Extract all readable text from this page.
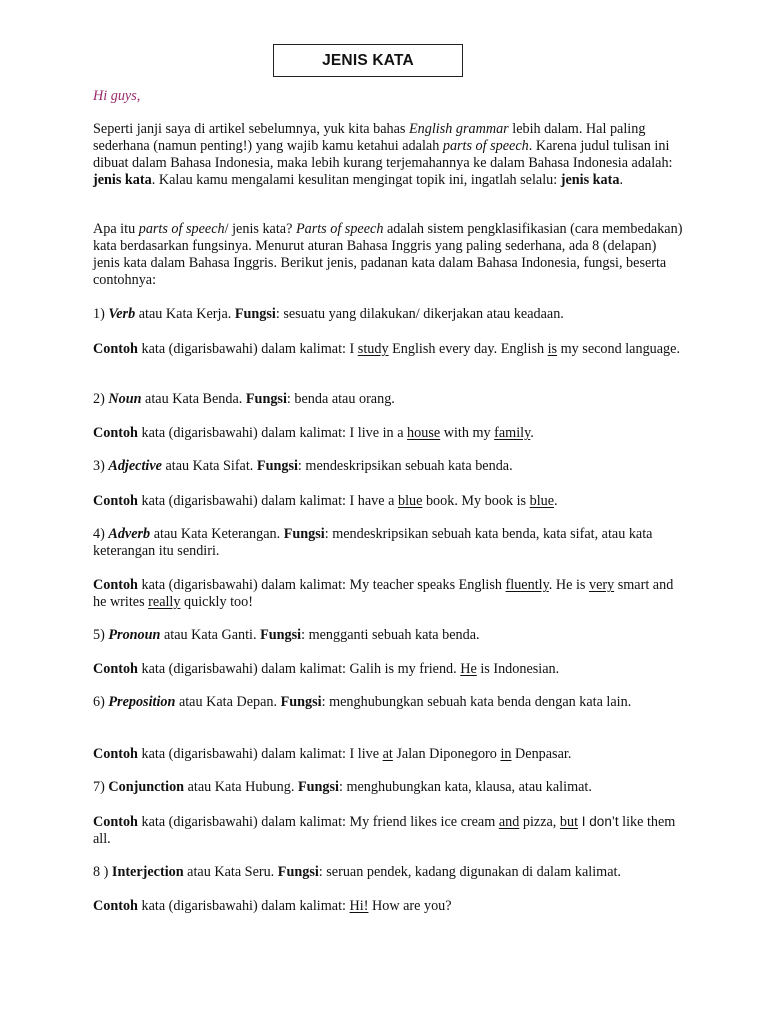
JENIS KATA

Hi guys,

Seperti janji saya di artikel sebelumnya, yuk kita bahas English grammar lebih dalam. Hal paling sederhana (namun penting!) yang wajib kamu ketahui adalah parts of speech. Karena judul tulisan ini dibuat dalam Bahasa Indonesia, maka lebih kurang terjemahannya ke dalam Bahasa Indonesia adalah: jenis kata. Kalau kamu mengalami kesulitan mengingat topik ini, ingatlah selalu: jenis kata.

Apa itu parts of speech/ jenis kata? Parts of speech adalah sistem pengklasifikasian (cara membedakan) kata berdasarkan fungsinya. Menurut aturan Bahasa Inggris yang paling sederhana, ada 8 (delapan) jenis kata dalam Bahasa Inggris. Berikut jenis, padanan kata dalam Bahasa Indonesia, fungsi, beserta contohnya:

1) Verb atau Kata Kerja. Fungsi: sesuatu yang dilakukan/ dikerjakan atau keadaan.

Contoh kata (digarisbawahi) dalam kalimat: I study English every day. English is my second language.

2) Noun atau Kata Benda. Fungsi: benda atau orang.

Contoh kata (digarisbawahi) dalam kalimat: I live in a house with my family.

3) Adjective atau Kata Sifat. Fungsi: mendeskripsikan sebuah kata benda.

Contoh kata (digarisbawahi) dalam kalimat: I have a blue book. My book is blue.

4) Adverb atau Kata Keterangan. Fungsi: mendeskripsikan sebuah kata benda, kata sifat, atau kata keterangan itu sendiri.

Contoh kata (digarisbawahi) dalam kalimat: My teacher speaks English fluently. He is very smart and he writes really quickly too!

5) Pronoun atau Kata Ganti. Fungsi: mengganti sebuah kata benda.

Contoh kata (digarisbawahi) dalam kalimat: Galih is my friend. He is Indonesian.

6) Preposition atau Kata Depan. Fungsi: menghubungkan sebuah kata benda dengan kata lain.

Contoh kata (digarisbawahi) dalam kalimat: I live at Jalan Diponegoro in Denpasar.

7) Conjunction atau Kata Hubung. Fungsi: menghubungkan kata, klausa, atau kalimat.

Contoh kata (digarisbawahi) dalam kalimat: My friend likes ice cream and pizza, but I don’t like them all.

8 ) Interjection atau Kata Seru. Fungsi: seruan pendek, kadang digunakan di dalam kalimat.

Contoh kata (digarisbawahi) dalam kalimat: Hi! How are you?
